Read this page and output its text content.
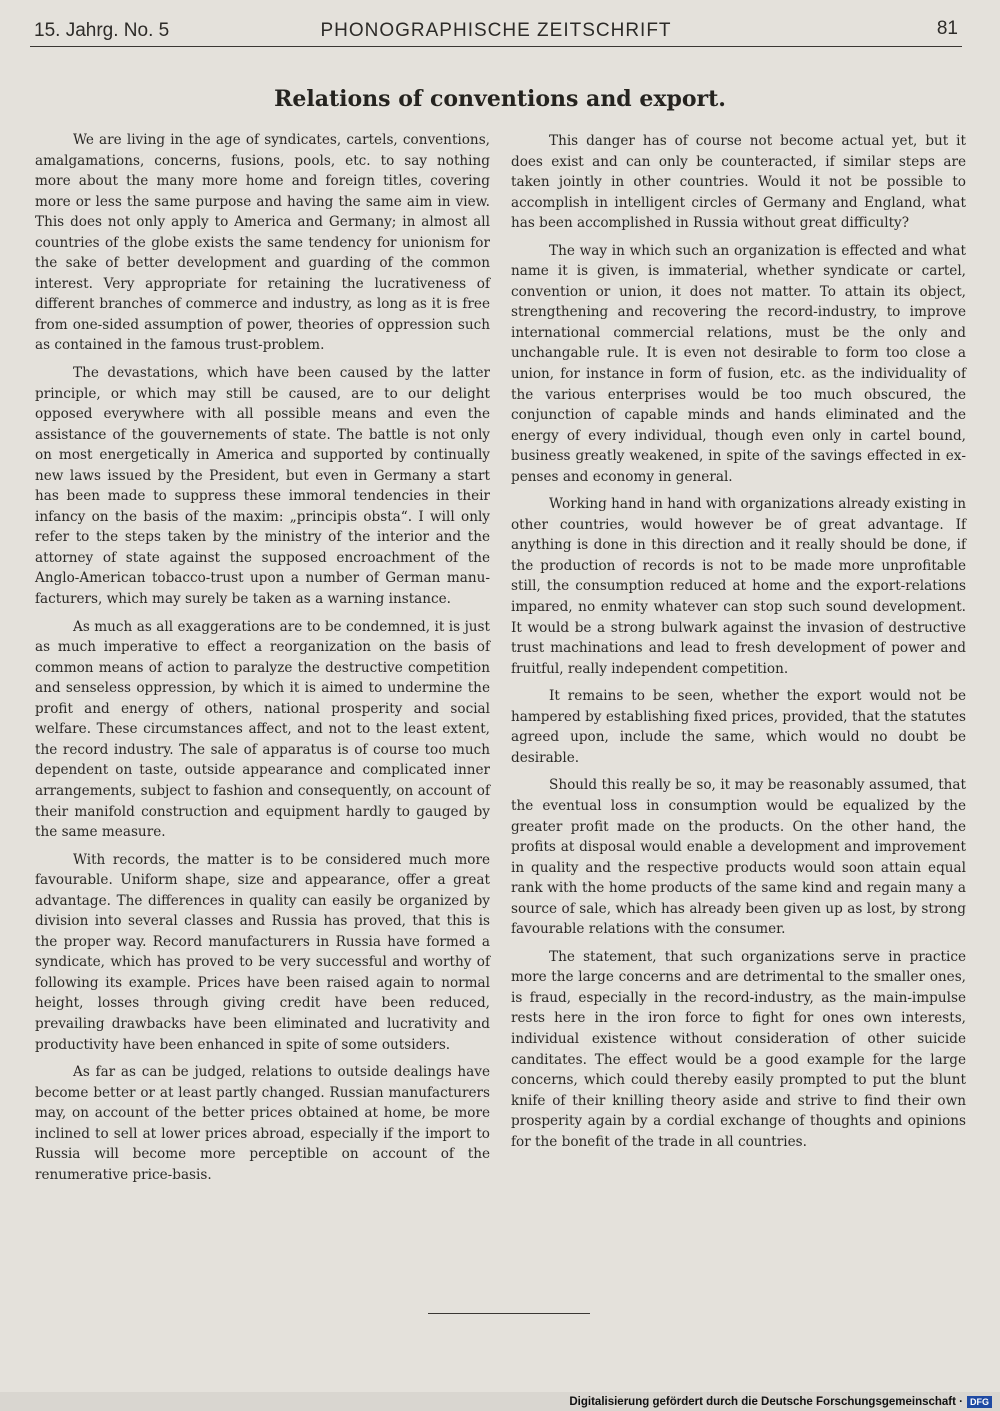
15. Jahrg. No. 5	PHONOGRAPHISCHE ZEITSCHRIFT	81
Relations of conventions and export.

We are living in the age of syndicates, cartels, conventions, amalgamations, concerns, fusions, pools, etc. to say nothing more about the many more home and foreign titles, covering more or less the same purpose and having the same aim in view. This does not only apply to America and Germany; in almost all countries of the globe exists the same tendency for unionism for the sake of better development and guarding of the common interest. Very appropriate for retaining the lucrativeness of different branches of commerce and industry, as long as it is free from one-sided assumption of power, theories of oppression such as contained in the famous trust-problem.

The devastations, which have been caused by the latter principle, or which may still be caused, are to our delight opposed everywhere with all possible means and even the assistance of the gouvernements of state. The battle is not only on most energetically in America and supported by continually new laws issued by the President, but even in Germany a start has been made to suppress these immoral tendencies in their infancy on the basis of the maxim: „principis obsta“. I will only refer to the steps taken by the ministry of the interior and the attorney of state against the supposed encroachment of the Anglo-American tobacco-trust upon a number of German manufacturers, which may surely be taken as a warning instance.

As much as all exaggerations are to be condemned, it is just as much imperative to effect a reorganization on the basis of common means of action to paralyze the destructive competition and senseless oppression, by which it is aimed to undermine the profit and energy of others, national prosperity and social welfare. These circumstances affect, and not to the least extent, the record industry. The sale of apparatus is of course too much dependent on taste, outside appearance and complicated inner arrangements, subject to fashion and consequently, on account of their manifold construction and equipment hardly to gauged by the same measure.

With records, the matter is to be considered much more favourable. Uniform shape, size and appearance, offer a great advantage. The differences in quality can easily be organized by division into several classes and Russia has proved, that this is the proper way. Record manufacturers in Russia have formed a syndicate, which has proved to be very successful and worthy of following its example. Prices have been raised again to normal height, losses through giving credit have been reduced, prevailing drawbacks have been eliminated and lucrativity and productivity have been enhanced in spite of some outsiders.

As far as can be judged, relations to outside dealings have become better or at least partly changed. Russian manufacturers may, on account of the better prices obtained at home, be more inclined to sell at lower prices abroad, especially if the import to Russia will become more perceptible on account of the renumerative price-basis.

This danger has of course not become actual yet, but it does exist and can only be counteracted, if similar steps are taken jointly in other countries. Would it not be possible to accomplish in intelligent circles of Germany and England, what has been accomplished in Russia without great difficulty?

The way in which such an organization is effected and what name it is given, is immaterial, whether syndicate or cartel, convention or union, it does not matter. To attain its object, strengthening and recovering the record-industry, to improve international commercial relations, must be the only and unchangable rule. It is even not desirable to form too close a union, for instance in form of fusion, etc. as the individuality of the various enterprises would be too much obscured, the conjunction of capable minds and hands eliminated and the energy of every individual, though even only in cartel bound, business greatly weakened, in spite of the savings effected in expenses and economy in general.

Working hand in hand with organizations already existing in other countries, would however be of great advantage. If anything is done in this direction and it really should be done, if the production of records is not to be made more unprofitable still, the consumption reduced at home and the export-relations impared, no enmity whatever can stop such sound development. It would be a strong bulwark against the invasion of destructive trust machinations and lead to fresh development of power and fruitful, really independent competition.

It remains to be seen, whether the export would not be hampered by establishing fixed prices, provided, that the statutes agreed upon, include the same, which would no doubt be desirable.

Should this really be so, it may be reasonably assumed, that the eventual loss in consumption would be equalized by the greater profit made on the products. On the other hand, the profits at disposal would enable a development and improvement in quality and the respective products would soon attain equal rank with the home products of the same kind and regain many a source of sale, which has already been given up as lost, by strong favourable relations with the consumer.

The statement, that such organizations serve in practice more the large concerns and are detrimental to the smaller ones, is fraud, especially in the record-industry, as the main-impulse rests here in the iron force to fight for ones own interests, individual existence without consideration of other suicide canditates. The effect would be a good example for the large concerns, which could thereby easily prompted to put the blunt knife of their knilling theory aside and strive to find their own prosperity again by a cordial exchange of thoughts and opinions for the bonefit of the trade in all countries.

Digitalisierung gefördert durch die Deutsche Forschungsgemeinschaft · DFG
